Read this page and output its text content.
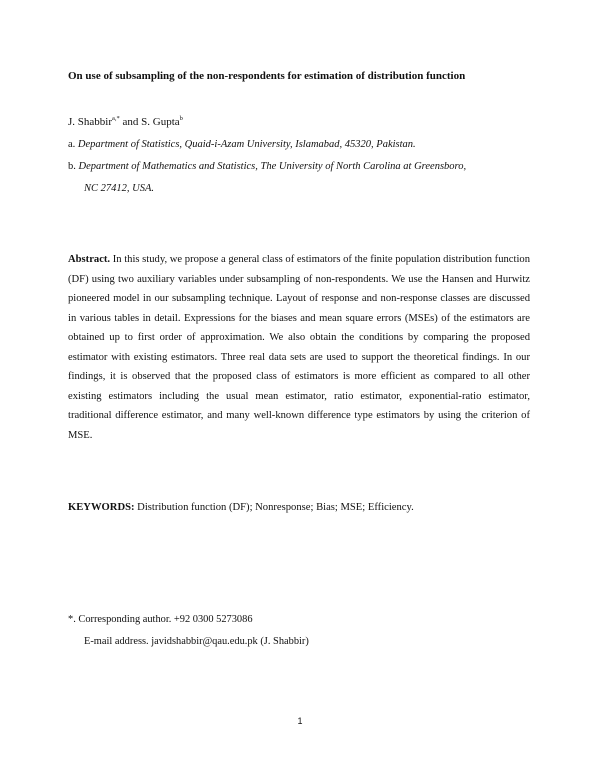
On use of subsampling of the non-respondents for estimation of distribution function
J. Shabbir$^{a,*}$ and S. Gupta$^b$
a. Department of Statistics, Quaid-i-Azam University, Islamabad, 45320, Pakistan.
b. Department of Mathematics and Statistics, The University of North Carolina at Greensboro,
NC 27412, USA.
Abstract. In this study, we propose a general class of estimators of the finite population distribution function (DF) using two auxiliary variables under subsampling of non-respondents. We use the Hansen and Hurwitz pioneered model in our subsampling technique. Layout of response and non-response classes are discussed in various tables in detail. Expressions for the biases and mean square errors (MSEs) of the estimators are obtained up to first order of approximation. We also obtain the conditions by comparing the proposed estimator with existing estimators. Three real data sets are used to support the theoretical findings. In our findings, it is observed that the proposed class of estimators is more efficient as compared to all other existing estimators including the usual mean estimator, ratio estimator, exponential-ratio estimator, traditional difference estimator, and many well-known difference type estimators by using the criterion of MSE.
KEYWORDS: Distribution function (DF); Nonresponse; Bias; MSE; Efficiency.
*. Corresponding author. +92 0300 5273086
E-mail address. javidshabbir@qau.edu.pk (J. Shabbir)
1
